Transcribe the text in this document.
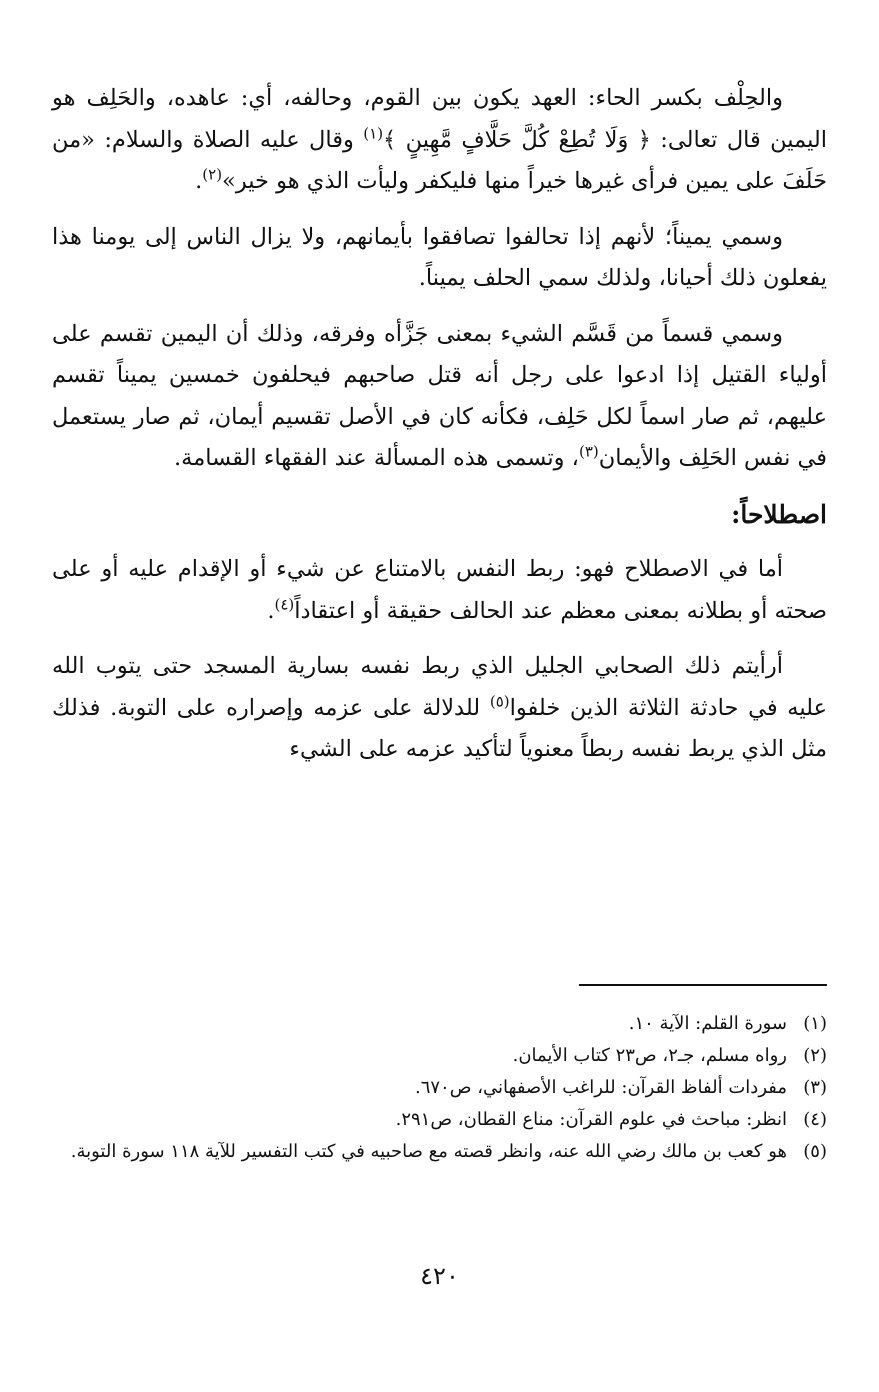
والحِلْف بكسر الحاء: العهد يكون بين القوم، وحالفه، أي: عاهده، والحَلِف هو اليمين قال تعالى: ﴿ وَلَا تُطِعْ كُلَّ حَلَّافٍ مَّهِينٍ ﴾$^{(١)}$ وقال عليه الصلاة والسلام: «من حَلَفَ على يمين فرأى غيرها خيراً منها فليكفر وليأت الذي هو خير»$^{(٢)}$.

وسمي يميناً؛ لأنهم إذا تحالفوا تصافقوا بأيمانهم، ولا يزال الناس إلى يومنا هذا يفعلون ذلك أحيانا، ولذلك سمي الحلف يميناً.

وسمي قسماً من قَسَّم الشيء بمعنى جَزَّأه وفرقه، وذلك أن اليمين تقسم على أولياء القتيل إذا ادعوا على رجل أنه قتل صاحبهم فيحلفون خمسين يميناً تقسم عليهم، ثم صار اسماً لكل حَلِف، فكأنه كان في الأصل تقسيم أيمان، ثم صار يستعمل في نفس الحَلِف والأيمان$^{(٣)}$، وتسمى هذه المسألة عند الفقهاء القسامة.

اصطلاحاً:

أما في الاصطلاح فهو: ربط النفس بالامتناع عن شيء أو الإقدام عليه أو على صحته أو بطلانه بمعنى معظم عند الحالف حقيقة أو اعتقاداً$^{(٤)}$.

أرأيتم ذلك الصحابي الجليل الذي ربط نفسه بسارية المسجد حتى يتوب الله عليه في حادثة الثلاثة الذين خلفوا$^{(٥)}$ للدلالة على عزمه وإصراره على التوبة. فذلك مثل الذي يربط نفسه ربطاً معنوياً لتأكيد عزمه على الشيء

(١)سورة القلم: الآية ١٠.

(٢)رواه مسلم، جـ٢، ص٢٣ كتاب الأيمان.

(٣)مفردات ألفاظ القرآن: للراغب الأصفهاني، ص٦٧٠.

(٤)انظر: مباحث في علوم القرآن: مناع القطان، ص٢٩١.

(٥)هو كعب بن مالك رضي الله عنه، وانظر قصته مع صاحبيه في كتب التفسير للآية ١١٨ سورة التوبة.

٤٢٠
